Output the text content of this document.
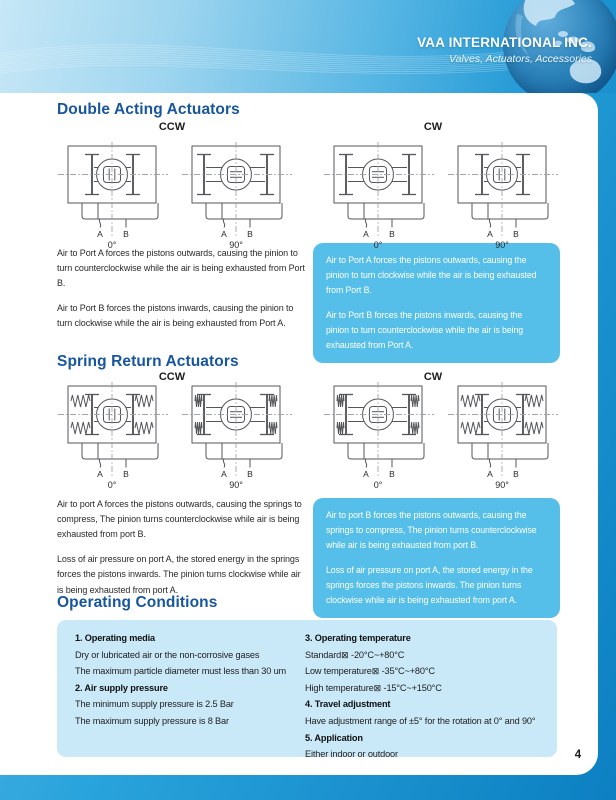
VAA INTERNATIONAL INC.
Valves, Actuators, Accessories
Double Acting Actuators
CCW	CW

Air to Port A forces the pistons outwards, causing the pinion to turn counterclockwise while the air is being exhausted from Port B.

Air to Port B forces the pistons inwards, causing the pinion to turn clockwise while the air is being exhausted from Port A.

Air to Port A forces the pistons outwards, causing the pinion to turn clockwise while the air is being exhausted from Port B.

Air to Port B forces the pistons inwards, causing the pinion to turn counterclockwise while the air is being exhausted from Port A.

Spring Return Actuators
CCW	CW

Air to port A forces the pistons outwards, causing the springs to compress, The pinion turns counterclockwise while air is being exhausted from port B.

Loss of air pressure on port A, the stored energy in the springs forces the pistons inwards. The pinion turns clockwise while air is being exhausted from port A.

Air to port B forces the pistons outwards, causing the springs to compress, The pinion turns counterclockwise while air is being exhausted from port B.

Loss of air pressure on port A, the stored energy in the springs forces the pistons inwards. The pinion turns clockwise while air is being exhausted from port A.

Operating Conditions
1. Operating media
Dry or lubricated air or the non-corrosive gases
The maximum particle diameter must less than 30 um
2. Air supply pressure
The minimum supply pressure is 2.5 Bar
The maximum supply pressure is 8 Bar
3. Operating temperature
Standard⊠ -20°C~+80°C
Low temperature⊠ -35°C~+80°C
High temperature⊠ -15°C~+150°C
4. Travel adjustment
Have adjustment range of ±5° for the rotation at 0° and 90°
5. Application
Either indoor or outdoor	4
A B
0°
A B
90°
A B
0°
A B
90°
A B
0°
A B
90°
A B
0°
A B
90°
